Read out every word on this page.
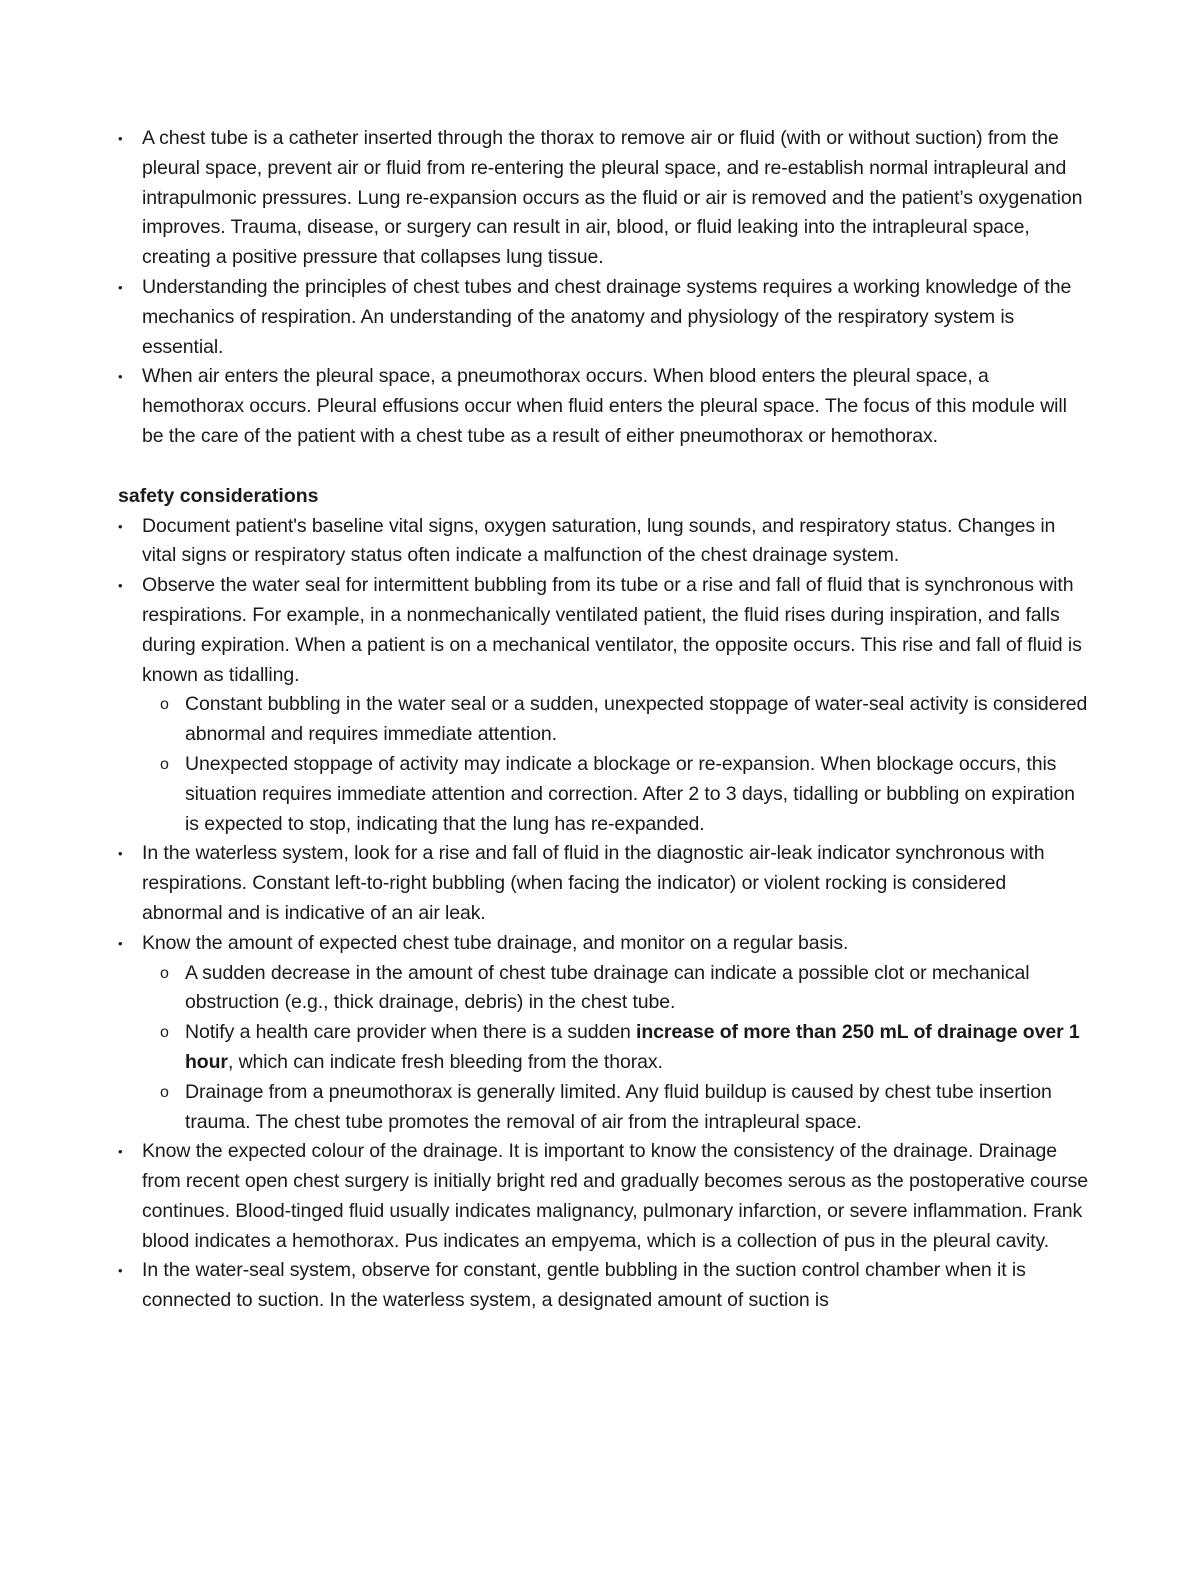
• A chest tube is a catheter inserted through the thorax to remove air or fluid (with or without suction) from the pleural space, prevent air or fluid from re-entering the pleural space, and re-establish normal intrapleural and intrapulmonic pressures. Lung re-expansion occurs as the fluid or air is removed and the patient’s oxygenation improves. Trauma, disease, or surgery can result in air, blood, or fluid leaking into the intrapleural space, creating a positive pressure that collapses lung tissue.
• Understanding the principles of chest tubes and chest drainage systems requires a working knowledge of the mechanics of respiration. An understanding of the anatomy and physiology of the respiratory system is essential.
• When air enters the pleural space, a pneumothorax occurs. When blood enters the pleural space, a hemothorax occurs. Pleural effusions occur when fluid enters the pleural space. The focus of this module will be the care of the patient with a chest tube as a result of either pneumothorax or hemothorax.
safety considerations
• Document patient's baseline vital signs, oxygen saturation, lung sounds, and respiratory status. Changes in vital signs or respiratory status often indicate a malfunction of the chest drainage system.
• Observe the water seal for intermittent bubbling from its tube or a rise and fall of fluid that is synchronous with respirations. For example, in a nonmechanically ventilated patient, the fluid rises during inspiration, and falls during expiration. When a patient is on a mechanical ventilator, the opposite occurs. This rise and fall of fluid is known as tidalling.
o Constant bubbling in the water seal or a sudden, unexpected stoppage of water-seal activity is considered abnormal and requires immediate attention.
o Unexpected stoppage of activity may indicate a blockage or re-expansion. When blockage occurs, this situation requires immediate attention and correction. After 2 to 3 days, tidalling or bubbling on expiration is expected to stop, indicating that the lung has re-expanded.
• In the waterless system, look for a rise and fall of fluid in the diagnostic air-leak indicator synchronous with respirations. Constant left-to-right bubbling (when facing the indicator) or violent rocking is considered abnormal and is indicative of an air leak.
• Know the amount of expected chest tube drainage, and monitor on a regular basis.
o A sudden decrease in the amount of chest tube drainage can indicate a possible clot or mechanical obstruction (e.g., thick drainage, debris) in the chest tube.
o Notify a health care provider when there is a sudden increase of more than 250 mL of drainage over 1 hour, which can indicate fresh bleeding from the thorax.
o Drainage from a pneumothorax is generally limited. Any fluid buildup is caused by chest tube insertion trauma. The chest tube promotes the removal of air from the intrapleural space.
• Know the expected colour of the drainage. It is important to know the consistency of the drainage. Drainage from recent open chest surgery is initially bright red and gradually becomes serous as the postoperative course continues. Blood-tinged fluid usually indicates malignancy, pulmonary infarction, or severe inflammation. Frank blood indicates a hemothorax. Pus indicates an empyema, which is a collection of pus in the pleural cavity.
• In the water-seal system, observe for constant, gentle bubbling in the suction control chamber when it is connected to suction. In the waterless system, a designated amount of suction is
